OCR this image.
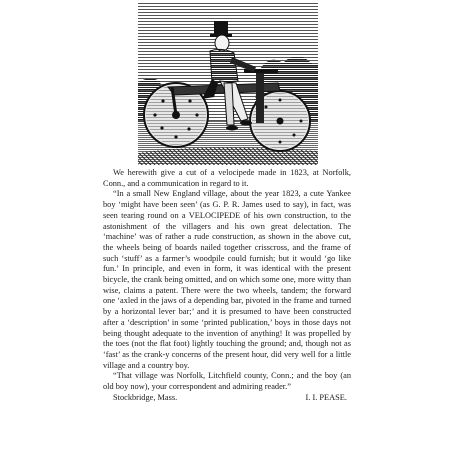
We herewith give a cut of a velocipede made in 1823, at Norfolk, Conn., and a communication in regard to it.

“In a small New England village, about the year 1823, a cute Yankee boy ‘might have been seen’ (as G. P. R. James used to say), in fact, was seen tearing round on a VELOCIPEDE of his own construction, to the astonishment of the villagers and his own great delectation. The ‘machine’ was of rather a rude construction, as shown in the above cut, the wheels being of boards nailed together crisscross, and the frame of such ‘stuff’ as a farmer’s woodpile could furnish; but it would ‘go like fun.’ In principle, and even in form, it was identical with the present bicycle, the crank being omitted, and on which some one, more witty than wise, claims a patent. There were the two wheels, tandem; the forward one ‘axled in the jaws of a depending bar, pivoted in the frame and turned by a horizontal lever bar;’ and it is presumed to have been constructed after a ‘description’ in some ‘printed publication,’ boys in those days not being thought adequate to the invention of anything! It was propelled by the toes (not the flat foot) lightly touching the ground; and, though not as ‘fast’ as the crank-y concerns of the present hour, did very well for a little village and a country boy.

“That village was Norfolk, Litchfield county, Conn.; and the boy (an old boy now), your correspondent and admiring reader.”

Stockbridge, Mass.	I. I. PEASE.
